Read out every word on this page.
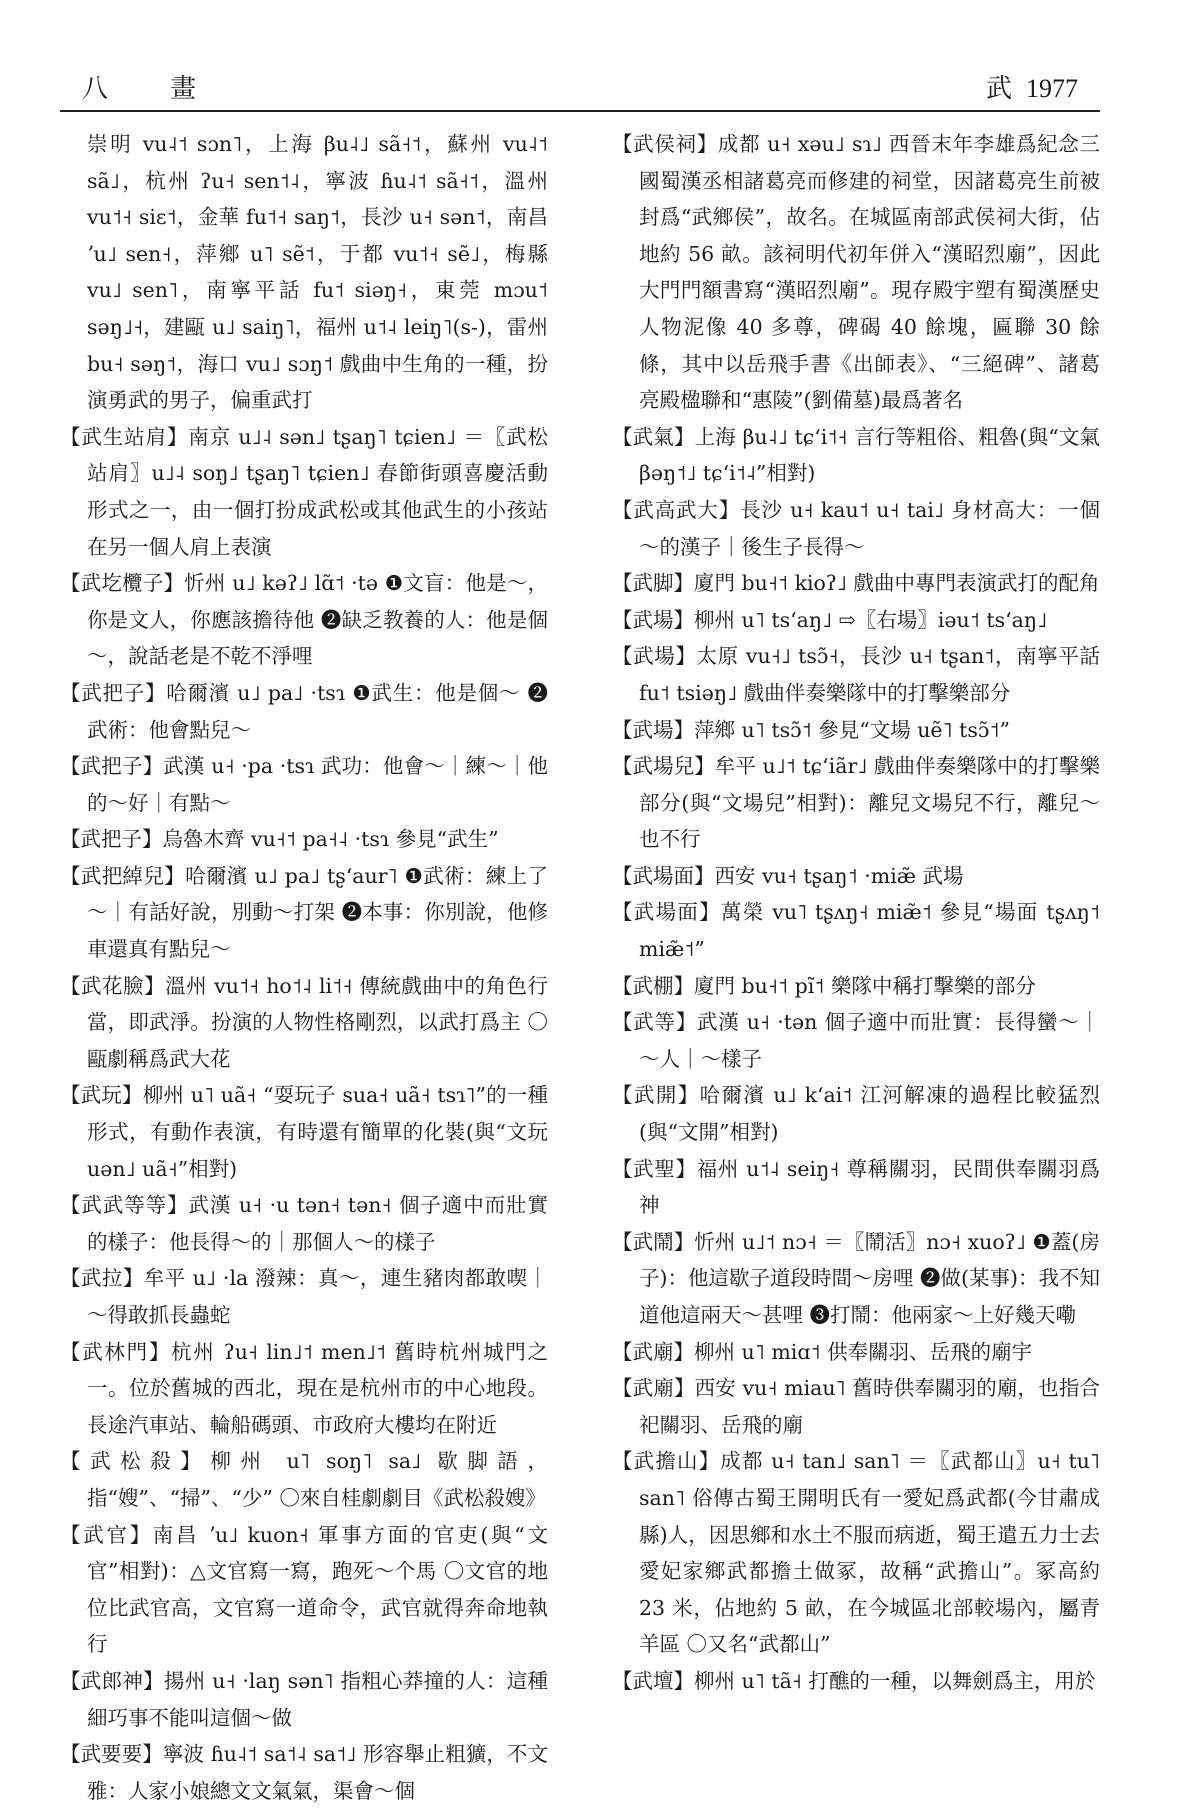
八　畫	武 1977
崇明 vu˨˦ sɔn˥，上海 βu˨˩ sã˧˦，蘇州 vu˨˦ sã˩，杭州 ʔu˧ sen˦˨，寧波 ɦu˨˦ sã˧˦，溫州 vu˦˧ siɛ˦，金華 fu˦˧ saŋ˦，長沙 u˧ sən˦，南昌 ʼu˩ sen˧，萍鄉 u˥ sẽ˦，于都 vu˦˧ sẽ˩，梅縣 vu˩ sen˥，南寧平話 fu˦ siəŋ˧，東莞 mɔu˦ səŋ˩˧，建甌 u˩ saiŋ˥，福州 u˦˨ leiŋ˥(s-)，雷州 bu˧ səŋ˦，海口 vu˩ sɔŋ˦ 戲曲中生角的一種，扮演勇武的男子，偏重武打
【武生站肩】南京 u˩˨ sən˩ tʂaŋ˥ tɕien˩ ＝〖武松站肩〗u˩˨ soŋ˩ tʂaŋ˥ tɕien˩ 春節街頭喜慶活動形式之一，由一個打扮成武松或其他武生的小孩站在另一個人肩上表演
【武圪欖子】忻州 u˩ kəʔ˩ lɑ̃˦ ·tə ❶文盲：他是～，你是文人，你應該擔待他 ❷缺乏教養的人：他是個～，說話老是不乾不淨哩
【武把子】哈爾濱 u˩ pa˩ ·tsɿ ❶武生：他是個～ ❷武術：他會點兒～
【武把子】武漢 u˧ ·pa ·tsɿ 武功：他會～｜練～｜他的～好｜有點～
【武把子】烏魯木齊 vu˧˦ pa˧˨ ·tsɿ 參見“武生”
【武把綽兒】哈爾濱 u˩ pa˩ tʂʻaur˥ ❶武術：練上了～｜有話好說，別動～打架 ❷本事：你別說，他修車還真有點兒～
【武花臉】溫州 vu˦˧ ho˦˨ li˦˧ 傳統戲曲中的角色行當，即武淨。扮演的人物性格剛烈，以武打爲主 〇甌劇稱爲武大花
【武玩】柳州 u˥ uã˧ “耍玩子 sua˧ uã˧ tsɿ˥”的一種形式，有動作表演，有時還有簡單的化裝(與“文玩 uən˩ uã˧”相對)
【武武等等】武漢 u˧ ·u tən˧ tən˧ 個子適中而壯實的樣子：他長得～的｜那個人～的樣子
【武拉】牟平 u˩ ·la 潑辣：真～，連生豬肉都敢喫｜～得敢抓長蟲蛇
【武林門】杭州 ʔu˧ lin˩˦ men˩˦ 舊時杭州城門之一。位於舊城的西北，現在是杭州市的中心地段。長途汽車站、輪船碼頭、市政府大樓均在附近
【武松殺】柳州 u˥ soŋ˥ sa˩ 歇脚語，指“嫂”、“掃”、“少” 〇來自桂劇劇目《武松殺嫂》
【武官】南昌 ʼu˩ kuon˧ 軍事方面的官吏(與“文官”相對)：△文官寫一寫，跑死～个馬 〇文官的地位比武官高，文官寫一道命令，武官就得奔命地執行
【武郎神】揚州 u˧ ·laŋ sən˥ 指粗心莽撞的人：這種細巧事不能叫這個～做
【武要要】寧波 ɦu˨˦ sa˦˨ sa˦˩ 形容舉止粗獷，不文雅：人家小娘總文文氣氣，渠會～個
【武侯祠】成都 u˧ xəu˩ sɿ˩ 西晉末年李雄爲紀念三國蜀漢丞相諸葛亮而修建的祠堂，因諸葛亮生前被封爲“武鄉侯”，故名。在城區南部武侯祠大街，佔地約 56 畝。該祠明代初年併入“漢昭烈廟”，因此大門門額書寫“漢昭烈廟”。現存殿宇塑有蜀漢歷史人物泥像 40 多尊，碑碣 40 餘塊，匾聯 30 餘條，其中以岳飛手書《出師表》、“三絕碑”、諸葛亮殿楹聯和“惠陵”(劉備墓)最爲著名
【武氣】上海 βu˨˩ tɕʻi˦˧ 言行等粗俗、粗魯(與“文氣 βəŋ˦˩ tɕʻi˦˨”相對)
【武高武大】長沙 u˧ kau˦ u˧ tai˩ 身材高大：一個～的漢子｜後生子長得～
【武脚】廈門 bu˧˦ kioʔ˩ 戲曲中專門表演武打的配角
【武場】柳州 u˥ tsʻaŋ˩ ⇨〖右場〗iəu˦ tsʻaŋ˩
【武場】太原 vu˧˩ tsɔ̃˧，長沙 u˧ tʂan˦，南寧平話 fu˦ tsiəŋ˩ 戲曲伴奏樂隊中的打擊樂部分
【武場】萍鄉 u˥ tsɔ̃˦ 參見“文場 uẽ˥ tsɔ̃˦”
【武場兒】牟平 u˩˦ tɕʻiãr˩ 戲曲伴奏樂隊中的打擊樂部分(與“文場兒”相對)：離兒文場兒不行，離兒～也不行
【武場面】西安 vu˧ tʂaŋ˦ ·miæ̃ 武場
【武場面】萬榮 vu˥ tʂʌŋ˧ miæ̃˦ 參見“場面 tʂʌŋ˦ miæ̃˦”
【武棚】廈門 bu˧˦ pĩ˦ 樂隊中稱打擊樂的部分
【武等】武漢 u˧ ·tən 個子適中而壯實：長得蠻～｜～人｜～樣子
【武開】哈爾濱 u˩ kʻai˦ 江河解凍的過程比較猛烈(與“文開”相對)
【武聖】福州 u˦˨ seiŋ˧ 尊稱關羽，民間供奉關羽爲神
【武鬧】忻州 u˩˦ nɔ˧ ＝〖鬧活〗nɔ˧ xuoʔ˩ ❶蓋(房子)：他這歇子道段時間～房哩 ❷做(某事)：我不知道他這兩天～甚哩 ❸打鬧：他兩家～上好幾天嘞
【武廟】柳州 u˥ miɑ˦ 供奉關羽、岳飛的廟宇
【武廟】西安 vu˧ miau˥ 舊時供奉關羽的廟，也指合祀關羽、岳飛的廟
【武擔山】成都 u˧ tan˩ san˥ ＝〖武都山〗u˧ tu˥ san˥ 俗傳古蜀王開明氏有一愛妃爲武都(今甘肅成縣)人，因思鄉和水土不服而病逝，蜀王遣五力士去愛妃家鄉武都擔土做冢，故稱“武擔山”。冢高約 23 米，佔地約 5 畝，在今城區北部較場內，屬青羊區 〇又名“武都山”
【武壇】柳州 u˥ tã˧ 打醮的一種，以舞劍爲主，用於
